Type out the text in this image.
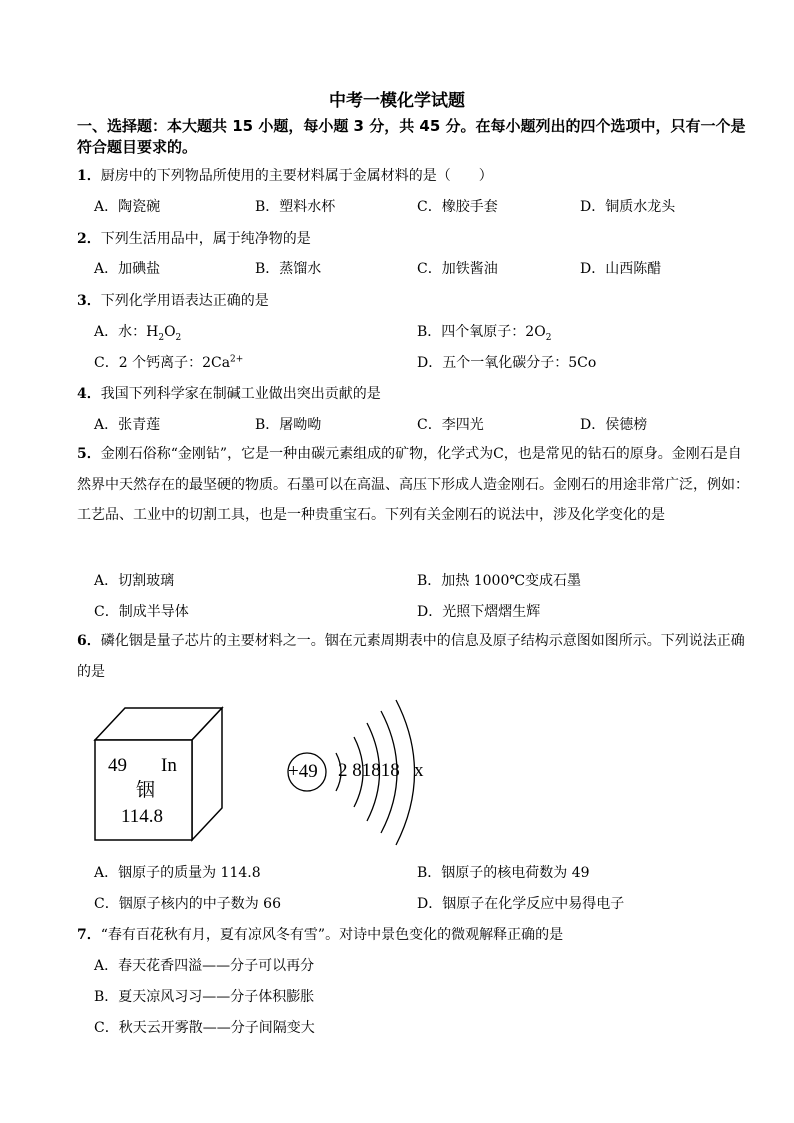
中考一模化学试题
一、选择题：本大题共 15 小题，每小题 3 分，共 45 分。在每小题列出的四个选项中，只有一个是符合题目要求的。
1．厨房中的下列物品所使用的主要材料属于金属材料的是（　　）
A．陶瓷碗	B．塑料水杯	C．橡胶手套	D．铜质水龙头
2．下列生活用品中，属于纯净物的是
A．加碘盐	B．蒸馏水	C．加铁酱油	D．山西陈醋
3．下列化学用语表达正确的是
A．水：$H_2O_2$	B．四个氧原子：$2O_2$
C．2 个钙离子：$2Ca^{2+}$	D．五个一氧化碳分子：5Co
4．我国下列科学家在制碱工业做出突出贡献的是
A．张青莲	B．屠呦呦	C．李四光	D．侯德榜
5．金刚石俗称“金刚钻”，它是一种由碳元素组成的矿物，化学式为C，也是常见的钻石的原身。金刚石是自然界中天然存在的最坚硬的物质。石墨可以在高温、高压下形成人造金刚石。金刚石的用途非常广泛，例如：工艺品、工业中的切割工具，也是一种贵重宝石。下列有关金刚石的说法中，涉及化学变化的是
A．切割玻璃	B．加热 1000℃变成石墨
C．制成半导体	D．光照下熠熠生辉
6．磷化铟是量子芯片的主要材料之一。铟在元素周期表中的信息及原子结构示意图如图所示。下列说法正确的是
49 In
铟
114.8
+49 2 81818 x
A．铟原子的质量为 114.8	B．铟原子的核电荷数为 49
C．铟原子核内的中子数为 66	D．铟原子在化学反应中易得电子
7．“春有百花秋有月，夏有凉风冬有雪”。对诗中景色变化的微观解释正确的是
A．春天花香四溢——分子可以再分
B．夏天凉风习习——分子体积膨胀
C．秋天云开雾散——分子间隔变大
